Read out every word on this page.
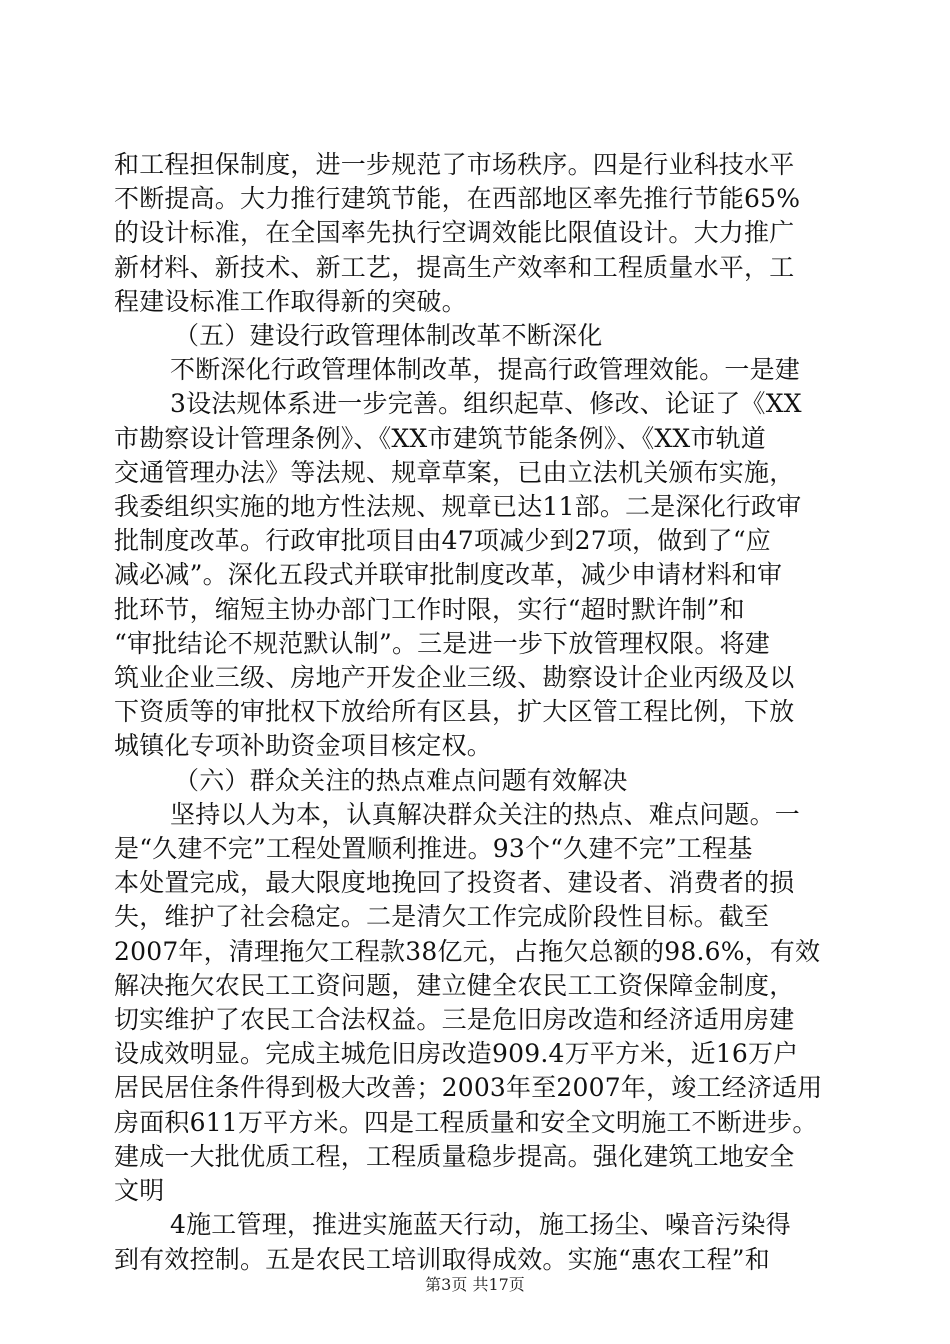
和工程担保制度，进一步规范了市场秩序。四是行业科技水平
不断提高。大力推行建筑节能，在西部地区率先推行节能65%
的设计标准，在全国率先执行空调效能比限值设计。大力推广
新材料、新技术、新工艺，提高生产效率和工程质量水平，工
程建设标准工作取得新的突破。
（五）建设行政管理体制改革不断深化
不断深化行政管理体制改革，提高行政管理效能。一是建
3设法规体系进一步完善。组织起草、修改、论证了《XX
市勘察设计管理条例》、《XX市建筑节能条例》、《XX市轨道
交通管理办法》等法规、规章草案，已由立法机关颁布实施，
我委组织实施的地方性法规、规章已达11部。二是深化行政审
批制度改革。行政审批项目由47项减少到27项，做到了“应
减必减”。深化五段式并联审批制度改革，减少申请材料和审
批环节，缩短主协办部门工作时限，实行“超时默许制”和
“审批结论不规范默认制”。三是进一步下放管理权限。将建
筑业企业三级、房地产开发企业三级、勘察设计企业丙级及以
下资质等的审批权下放给所有区县，扩大区管工程比例，下放
城镇化专项补助资金项目核定权。
（六）群众关注的热点难点问题有效解决
坚持以人为本，认真解决群众关注的热点、难点问题。一
是“久建不完”工程处置顺利推进。93个“久建不完”工程基
本处置完成，最大限度地挽回了投资者、建设者、消费者的损
失，维护了社会稳定。二是清欠工作完成阶段性目标。截至
2007年，清理拖欠工程款38亿元，占拖欠总额的98.6%，有效
解决拖欠农民工工资问题，建立健全农民工工资保障金制度，
切实维护了农民工合法权益。三是危旧房改造和经济适用房建
设成效明显。完成主城危旧房改造909.4万平方米，近16万户
居民居住条件得到极大改善；2003年至2007年，竣工经济适用
房面积611万平方米。四是工程质量和安全文明施工不断进步。
建成一大批优质工程，工程质量稳步提高。强化建筑工地安全
文明
4施工管理，推进实施蓝天行动，施工扬尘、噪音污染得
到有效控制。五是农民工培训取得成效。实施“惠农工程”和
第3页 共17页
